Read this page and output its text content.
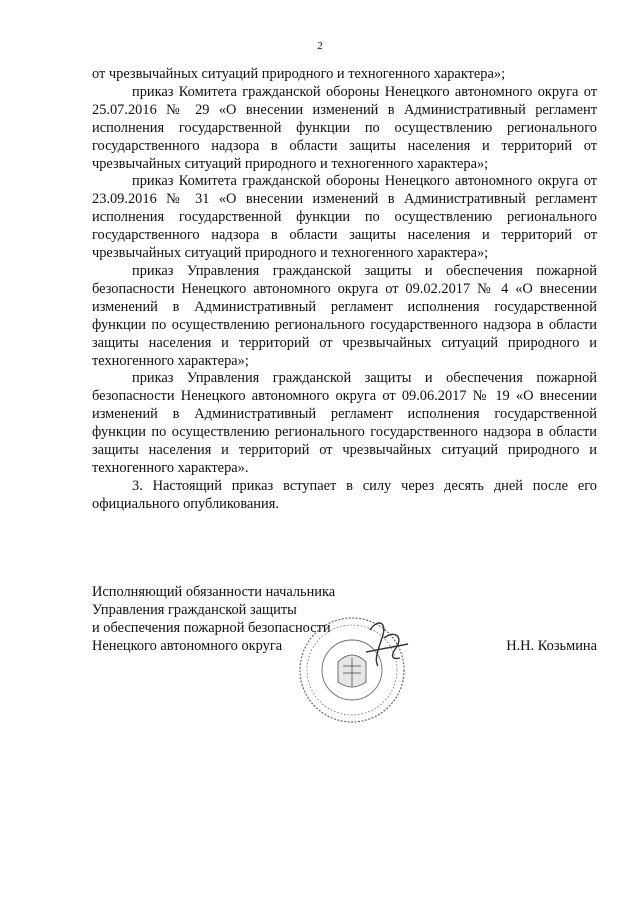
2

от чрезвычайных ситуаций природного и техногенного характера»;

приказ Комитета гражданской обороны Ненецкого автономного округа от 25.07.2016 № 29 «О внесении изменений в Административный регламент исполнения государственной функции по осуществлению регионального государственного надзора в области защиты населения и территорий от чрезвычайных ситуаций природного и техногенного характера»;

приказ Комитета гражданской обороны Ненецкого автономного округа от 23.09.2016 № 31 «О внесении изменений в Административный регламент исполнения государственной функции по осуществлению регионального государственного надзора в области защиты населения и территорий от чрезвычайных ситуаций природного и техногенного характера»;

приказ Управления гражданской защиты и обеспечения пожарной безопасности Ненецкого автономного округа от 09.02.2017 № 4 «О внесении изменений в Административный регламент исполнения государственной функции по осуществлению регионального государственного надзора в области защиты населения и территорий от чрезвычайных ситуаций природного и техногенного характера»;

приказ Управления гражданской защиты и обеспечения пожарной безопасности Ненецкого автономного округа от 09.06.2017 № 19 «О внесении изменений в Административный регламент исполнения государственной функции по осуществлению регионального государственного надзора в области защиты населения и территорий от чрезвычайных ситуаций природного и техногенного характера».

3. Настоящий приказ вступает в силу через десять дней после его официального опубликования.

Исполняющий обязанности начальника
Управления гражданской защиты
и обеспечения пожарной безопасности
Ненецкого автономного округа	Н.Н. Козьмина
